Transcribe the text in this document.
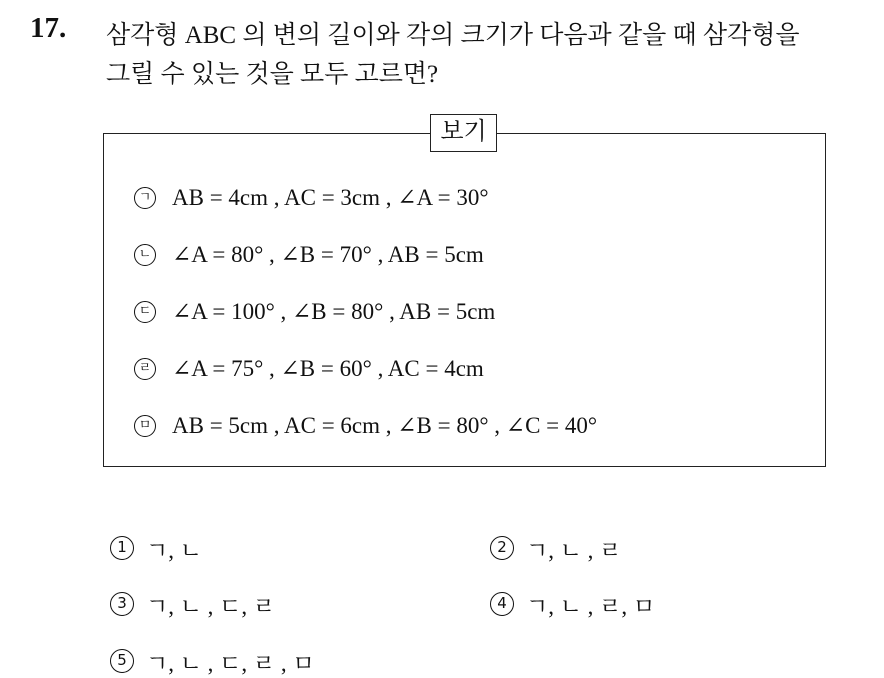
17. 삼각형 ABC 의 변의 길이와 각의 크기가 다음과 같을 때 삼각형을
그릴 수 있는 것을 모두 고르면?
보기
ㄱ AB = 4cm , AC = 3cm , ∠A = 30°
ㄴ ∠A = 80° , ∠B = 70° , AB = 5cm
ㄷ ∠A = 100° , ∠B = 80° , AB = 5cm
ㄹ ∠A = 75° , ∠B = 60° , AC = 4cm
ㅁ AB = 5cm , AC = 6cm , ∠B = 80° , ∠C = 40°
1 ㄱ, ㄴ	2 ㄱ, ㄴ , ㄹ
3 ㄱ, ㄴ , ㄷ, ㄹ	4 ㄱ, ㄴ , ㄹ, ㅁ
5 ㄱ, ㄴ , ㄷ, ㄹ , ㅁ
